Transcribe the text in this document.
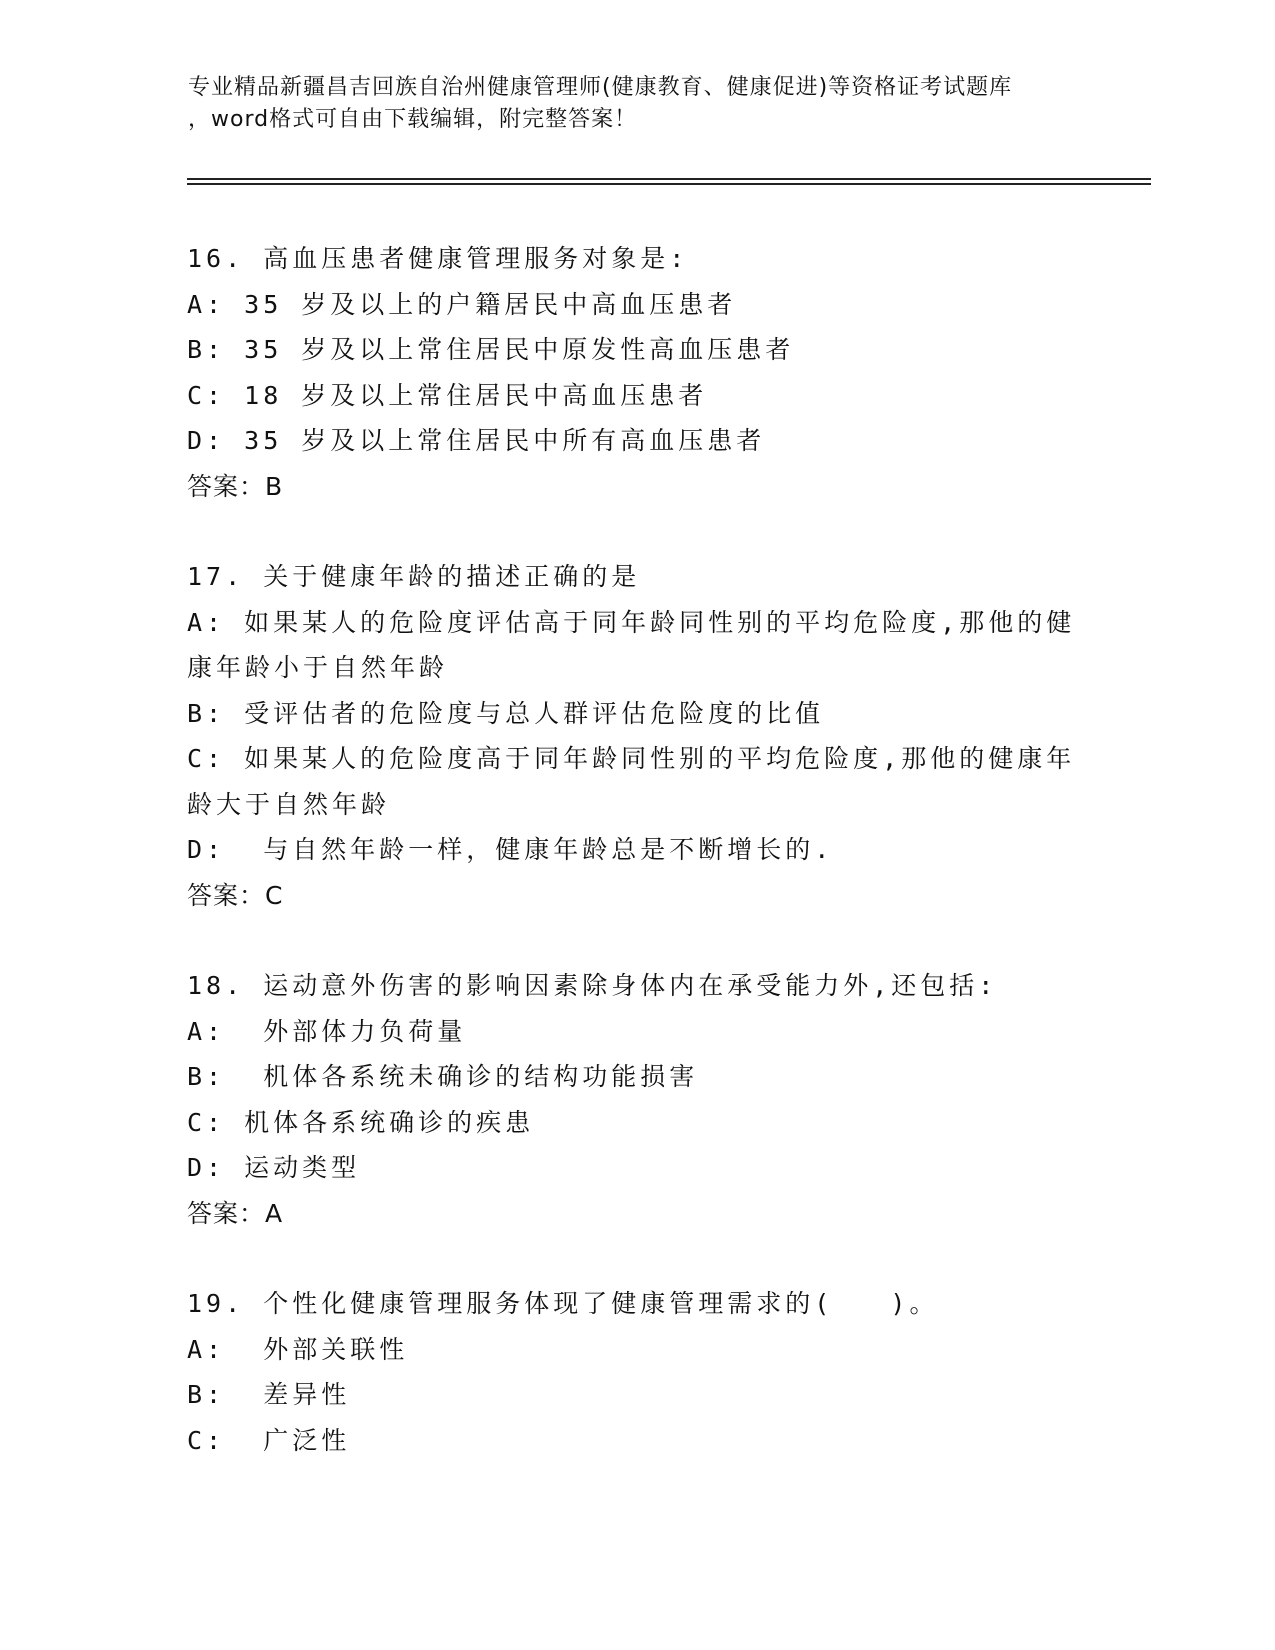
专业精品新疆昌吉回族自治州健康管理师(健康教育、健康促进)等资格证考试题库
，word格式可自由下载编辑，附完整答案！
16. 高血压患者健康管理服务对象是:
A: 35 岁及以上的户籍居民中高血压患者
B: 35 岁及以上常住居民中原发性高血压患者
C: 18 岁及以上常住居民中高血压患者
D: 35 岁及以上常住居民中所有高血压患者
答案：B
17. 关于健康年龄的描述正确的是
A: 如果某人的危险度评估高于同年龄同性别的平均危险度,那他的健
康年龄小于自然年龄
B: 受评估者的危险度与总人群评估危险度的比值
C: 如果某人的危险度高于同年龄同性别的平均危险度,那他的健康年
龄大于自然年龄
D:  与自然年龄一样，健康年龄总是不断增长的.
答案：C
18. 运动意外伤害的影响因素除身体内在承受能力外,还包括:
A:  外部体力负荷量
B:  机体各系统未确诊的结构功能损害
C: 机体各系统确诊的疾患
D: 运动类型
答案：A
19. 个性化健康管理服务体现了健康管理需求的(   )。
A:  外部关联性
B:  差异性
C:  广泛性
